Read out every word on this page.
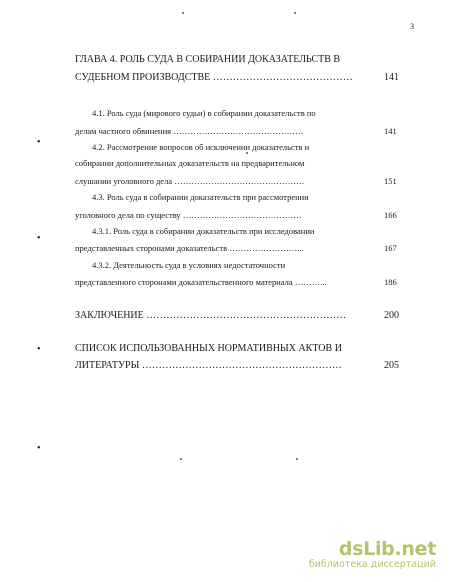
3
ГЛАВА 4. РОЛЬ СУДА В СОБИРАНИИ ДОКАЗАТЕЛЬСТВ В
СУДЕБНОМ ПРОИЗВОДСТВЕ ……………………………………	141
4.1. Роль суда (мирового судьи) в собирании доказательств по
делам частного обвинения ……………………………………….	141
4.2. Рассмотрение вопросов об исключении доказательств и
собирании дополнительных доказательств на предварительном
слушании уголовного дела ……………………………………….	151
4.3. Роль суда в собирании доказательств при рассмотрении
уголовного дела по существу ……………………………………	166
4.3.1. Роль суда в собирании доказательств при исследовании
представленных сторонами доказательств ……………………...	167
4.3.2. Деятельность суда в условиях недостаточности
представленного сторонами доказательственного материала ………...	186
ЗАКЛЮЧЕНИЕ ……………………………………………………	200
СПИСОК ИСПОЛЬЗОВАННЫХ НОРМАТИВНЫХ АКТОВ И
ЛИТЕРАТУРЫ ……………………………………………………	205
•
•
•
•
dsLib.net
библиотека диссертаций
